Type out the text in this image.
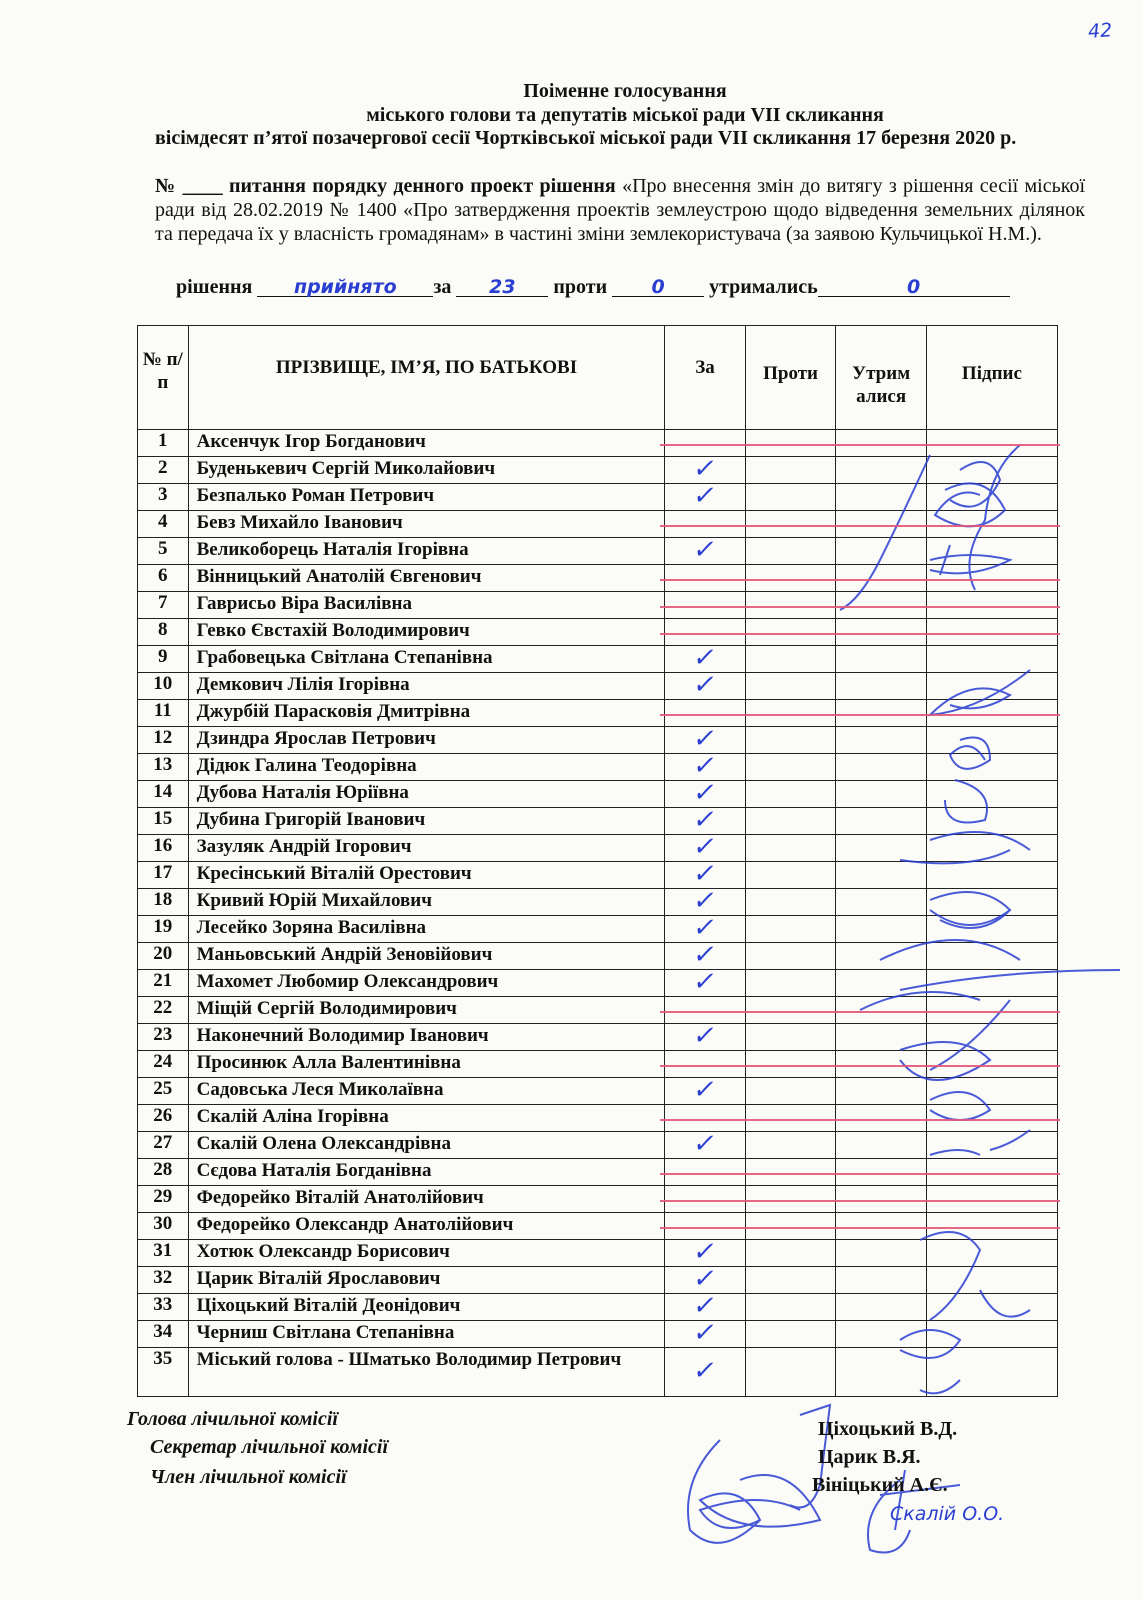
42
Поіменне голосування
міського голови та депутатів міської ради VII скликання
вісімдесят п’ятої позачергової сесії Чортківської міської ради VII скликання 17 березня 2020 р.
№ ____ питання порядку денного проект рішення «Про внесення змін до витягу з рішення сесії міської ради від 28.02.2019 № 1400 «Про затвердження проектів землеустрою щодо відведення земельних ділянок та передача їх у власність громадянам» в частині зміни землекористувача (за заявою Кульчицької Н.М.).
рішення прийнято за 23 проти 0 утримались	0
№ п/п	ПРІЗВИЩЕ, ІМ’Я, ПО БАТЬКОВІ	За	Проти	Утрималися	Підпис

1	Аксенчук Ігор Богданович				
2	Буденькевич Сергій Миколайович	✓			
3	Безпалько Роман Петрович	✓			
4	Бевз Михайло Іванович				
5	Великоборець Наталія Ігорівна	✓			
6	Вінницький Анатолій Євгенович				
7	Гаврисьо Віра Василівна				
8	Гевко Євстахій Володимирович				
9	Грабовецька Світлана Степанівна	✓			
10	Демкович Лілія Ігорівна	✓			
11	Джурбій Парасковія Дмитрівна				
12	Дзиндра Ярослав Петрович	✓			
13	Дідюк Галина Теодорівна	✓			
14	Дубова Наталія Юріївна	✓			
15	Дубина Григорій Іванович	✓			
16	Зазуляк Андрій Ігорович	✓			
17	Кресінський Віталій Орестович	✓			
18	Кривий Юрій Михайлович	✓			
19	Лесейко Зоряна Василівна	✓			
20	Маньовський Андрій Зеновійович	✓			
21	Махомет Любомир Олександрович	✓			
22	Міщій Сергій Володимирович				
23	Наконечний Володимир Іванович	✓			
24	Просинюк Алла Валентинівна				
25	Садовська Леся Миколаївна	✓			
26	Скалій Аліна Ігорівна				
27	Скалій Олена Олександрівна	✓			
28	Сєдова Наталія Богданівна				
29	Федорейко Віталій Анатолійович				
30	Федорейко Олександр Анатолійович				
31	Хотюк Олександр Борисович	✓			
32	Царик Віталій Ярославович	✓			
33	Ціхоцький Віталій Деонідович	✓			
34	Черниш Світлана Степанівна	✓			
35	Міський голова - Шматько Володимир Петрович	✓			
Скалій О.О.
Голова лічильної комісії
Секретар лічильної комісії
Член лічильної комісії
Ціхоцький В.Д.
Царик В.Я.
Вініцький А.Є.
